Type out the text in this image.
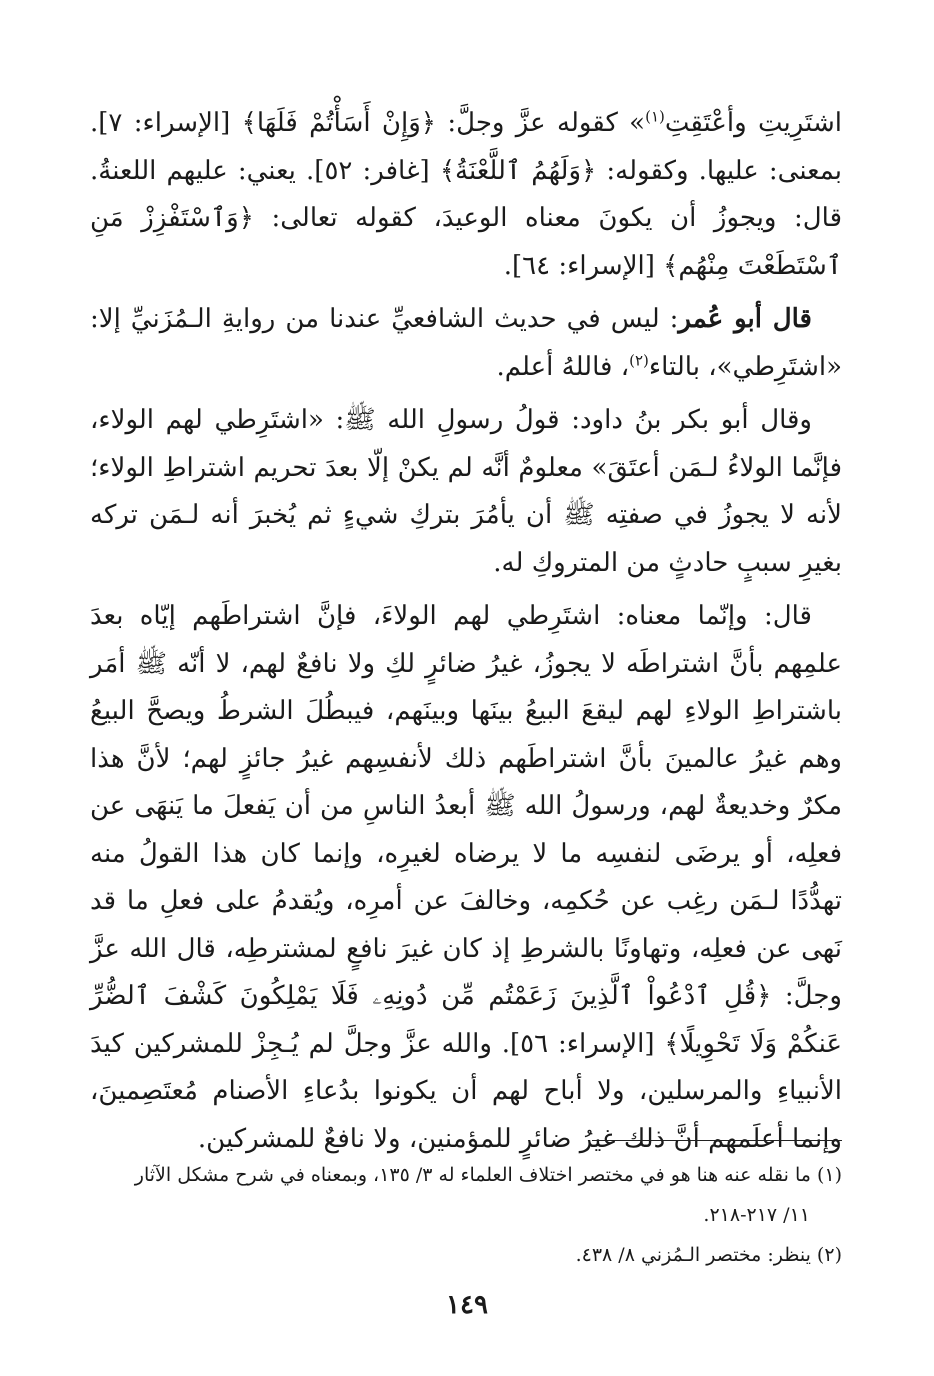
اشتَرِيتِ وأعْتَقِتِ$^{(١)}$» كقوله عزَّ وجلَّ: ﴿وَإِنْ أَسَأْتُمْ فَلَهَا﴾ [الإسراء: ٧]. بمعنى: عليها. وكقوله: ﴿وَلَهُمُ ٱللَّعْنَةُ﴾ [غافر: ٥٢]. يعني: عليهم اللعنةُ. قال: ويجوزُ أن يكونَ معناه الوعيدَ، كقوله تعالى: ﴿وَٱسْتَفْزِزْ مَنِ ٱسْتَطَعْتَ مِنْهُم﴾ [الإسراء: ٦٤].

قال أبو عُمر: ليس في حديث الشافعيِّ عندنا من روايةِ الـمُزَنيِّ إلا: «اشتَرِطي»، بالتاء$^{(٢)}$، فاللهُ أعلم.

وقال أبو بكر بنُ داود: قولُ رسولِ الله ﷺ: «اشتَرِطي لهم الولاء، فإنَّما الولاءُ لـمَن أعتَقَ» معلومٌ أنَّه لم يكنْ إلّا بعدَ تحريم اشتراطِ الولاء؛ لأنه لا يجوزُ في صفتِه ﷺ أن يأمُرَ بتركِ شيءٍ ثم يُخبرَ أنه لـمَن تركه بغيرِ سببٍ حادثٍ من المتروكِ له.

قال: وإنّما معناه: اشتَرِطي لهم الولاءَ، فإنَّ اشتراطَهم إيّاه بعدَ علمِهم بأنَّ اشتراطَه لا يجوزُ، غيرُ ضائرٍ لكِ ولا نافعٌ لهم، لا أنّه ﷺ أمَر باشتراطِ الولاءِ لهم ليقعَ البيعُ بينَها وبينَهم، فيبطُلَ الشرطُ ويصحَّ البيعُ وهم غيرُ عالمينَ بأنَّ اشتراطَهم ذلك لأنفسِهم غيرُ جائزٍ لهم؛ لأنَّ هذا مكرٌ وخديعةٌ لهم، ورسولُ الله ﷺ أبعدُ الناسِ من أن يَفعلَ ما يَنهَى عن فعلِه، أو يرضَى لنفسِه ما لا يرضاه لغيرِه، وإنما كان هذا القولُ منه تهدُّدًا لـمَن رغِب عن حُكمِه، وخالفَ عن أمرِه، ويُقدمُ على فعلِ ما قد نَهى عن فعلِه، وتهاونًا بالشرطِ إذ كان غيرَ نافعٍ لمشترطِه، قال الله عزَّ وجلَّ: ﴿قُلِ ٱدْعُواْ ٱلَّذِينَ زَعَمْتُم مِّن دُونِهِۦ فَلَا يَمْلِكُونَ كَشْفَ ٱلضُّرِّ عَنكُمْ وَلَا تَحْوِيلًا﴾ [الإسراء: ٥٦]. والله عزَّ وجلَّ لم يُـجِزْ للمشركين كيدَ الأنبياءِ والمرسلين، ولا أباح لهم أن يكونوا بدُعاءِ الأصنام مُعتَصِمينَ، وإنما أعلَمهم أنَّ ذلك غيرُ ضائرٍ للمؤمنين، ولا نافعٌ للمشركين.

(١) ما نقله عنه هنا هو في مختصر اختلاف العلماء له ٣/ ١٣٥، وبمعناه في شرح مشكل الآثار
١١/ ٢١٧-٢١٨.

(٢) ينظر: مختصر الـمُزني ٨/ ٤٣٨.

١٤٩
